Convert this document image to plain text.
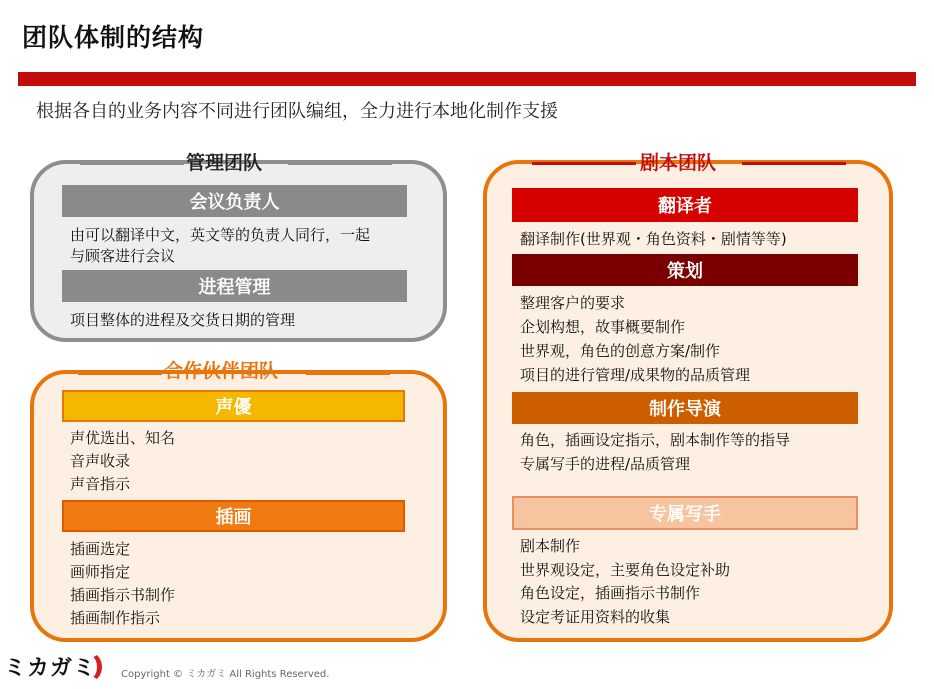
团队体制的结构
根据各自的业务内容不同进行团队编组，全力进行本地化制作支援
管理团队
会议负责人
由可以翻译中文，英文等的负责人同行，一起
与顾客进行会议
进程管理
项目整体的进程及交货日期的管理
合作伙伴团队
声優
声优选出、知名
音声收录
声音指示
插画
插画选定
画师指定
插画指示书制作
插画制作指示
剧本团队
翻译者
翻译制作(世界观・角色资料・剧情等等)
策划
整理客户的要求
企划构想，故事概要制作
世界观，角色的创意方案/制作
项目的进行管理/成果物的品质管理
制作导演
角色，插画设定指示，剧本制作等的指导
专属写手的进程/品质管理
专属写手
剧本制作
世界观设定，主要角色设定补助
角色设定，插画指示书制作
设定考证用资料的收集
ミカガミ Copyright © ミカガミ All Rights Reserved.
